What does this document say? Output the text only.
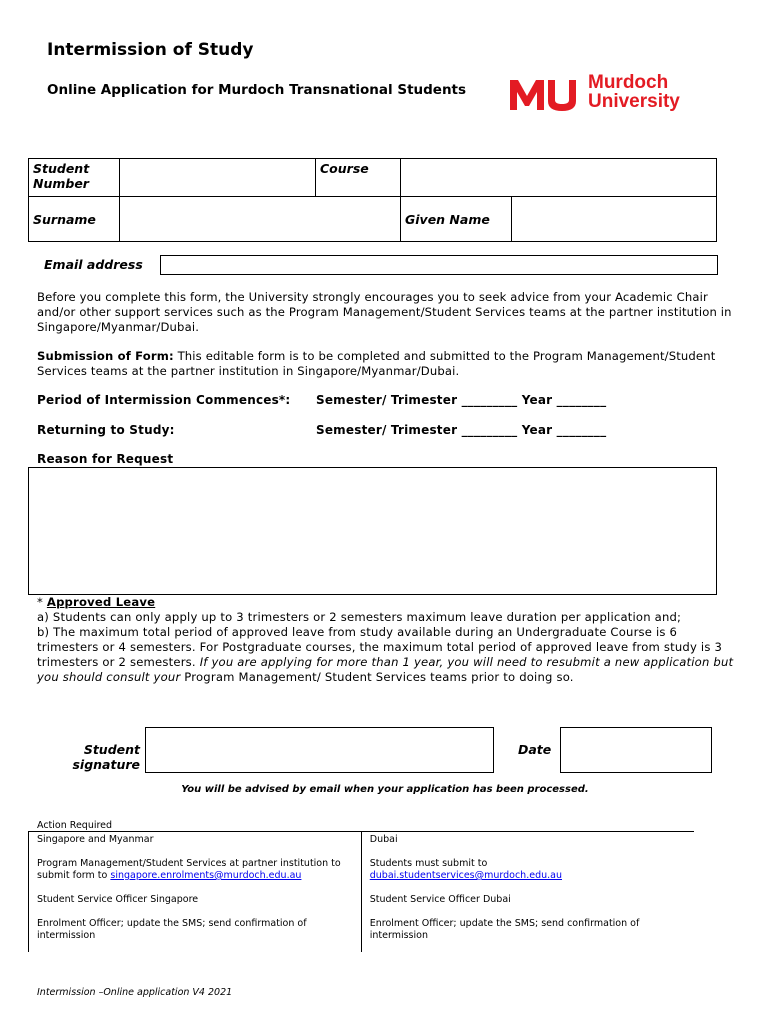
Intermission of Study
Online Application for Murdoch Transnational Students	Murdoch
University
Student Number		Course		
Surname			Given Name	
Email address
Before you complete this form, the University strongly encourages you to seek advice from your Academic Chair and/or other support services such as the Program Management/Student Services teams at the partner institution in Singapore/Myanmar/Dubai.
Submission of Form: This editable form is to be completed and submitted to the Program Management/Student Services teams at the partner institution in Singapore/Myanmar/Dubai.
Period of Intermission Commences*: Semester/ Trimester _________ Year ________
Returning to Study:	Semester/ Trimester _________ Year ________
Reason for Request
* Approved Leave
a) Students can only apply up to 3 trimesters or 2 semesters maximum leave duration per application and;
b) The maximum total period of approved leave from study available during an Undergraduate Course is 6 trimesters or 4 semesters. For Postgraduate courses, the maximum total period of approved leave from study is 3 trimesters or 2 semesters. If you are applying for more than 1 year, you will need to resubmit a new application but you should consult your Program Management/ Student Services teams prior to doing so.
Student
signature
Date
You will be advised by email when your application has been processed.
Action Required
Singapore and Myanmar	Dubai
Program Management/Student Services at partner institution to submit form to singapore.enrolments@murdoch.edu.au	Students must submit to
dubai.studentservices@murdoch.edu.au
Student Service Officer Singapore	Student Service Officer Dubai
Enrolment Officer; update the SMS; send confirmation of intermission	Enrolment Officer; update the SMS; send confirmation of intermission
Intermission –Online application V4 2021
